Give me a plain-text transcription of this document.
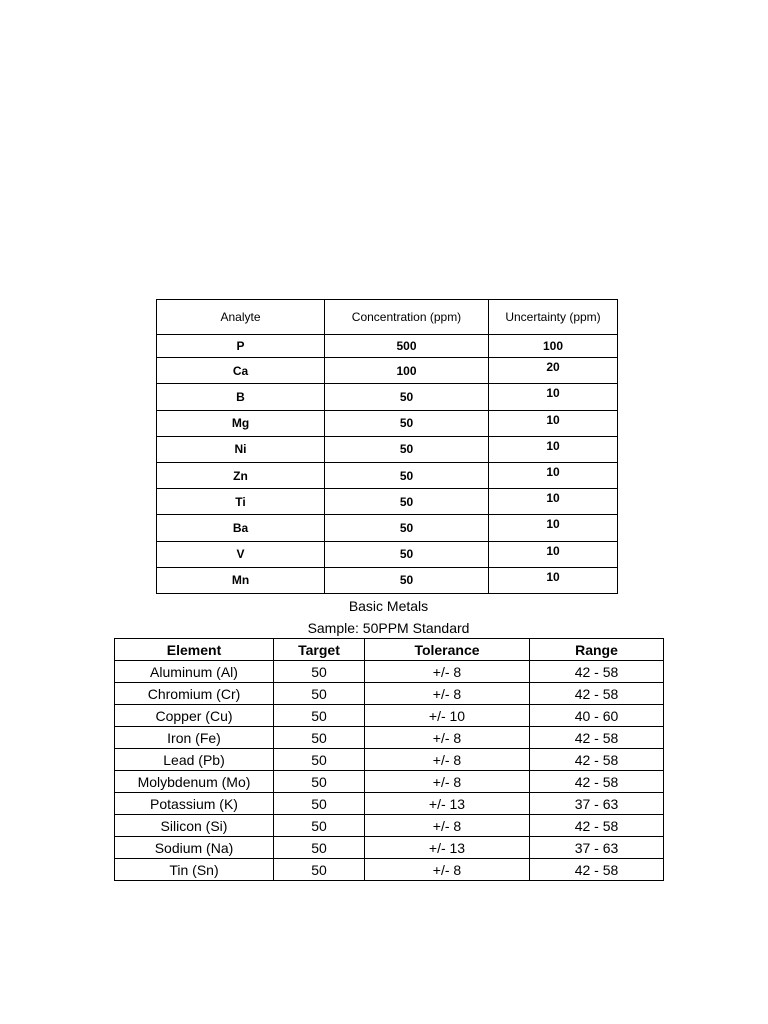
Analyte	Concentration (ppm)	Uncertainty (ppm)
P	500	100
Ca	100	20
B	50	10
Mg	50	10
Ni	50	10
Zn	50	10
Ti	50	10
Ba	50	10
V	50	10
Mn	50	10
Basic Metals
Sample: 50PPM Standard
Element	Target	Tolerance	Range
Aluminum (Al)	50	+/- 8	42 - 58
Chromium (Cr)	50	+/- 8	42 - 58
Copper (Cu)	50	+/- 10	40 - 60
Iron (Fe)	50	+/- 8	42 - 58
Lead (Pb)	50	+/- 8	42 - 58
Molybdenum (Mo)	50	+/- 8	42 - 58
Potassium (K)	50	+/- 13	37 - 63
Silicon (Si)	50	+/- 8	42 - 58
Sodium (Na)	50	+/- 13	37 - 63
Tin (Sn)	50	+/- 8	42 - 58
